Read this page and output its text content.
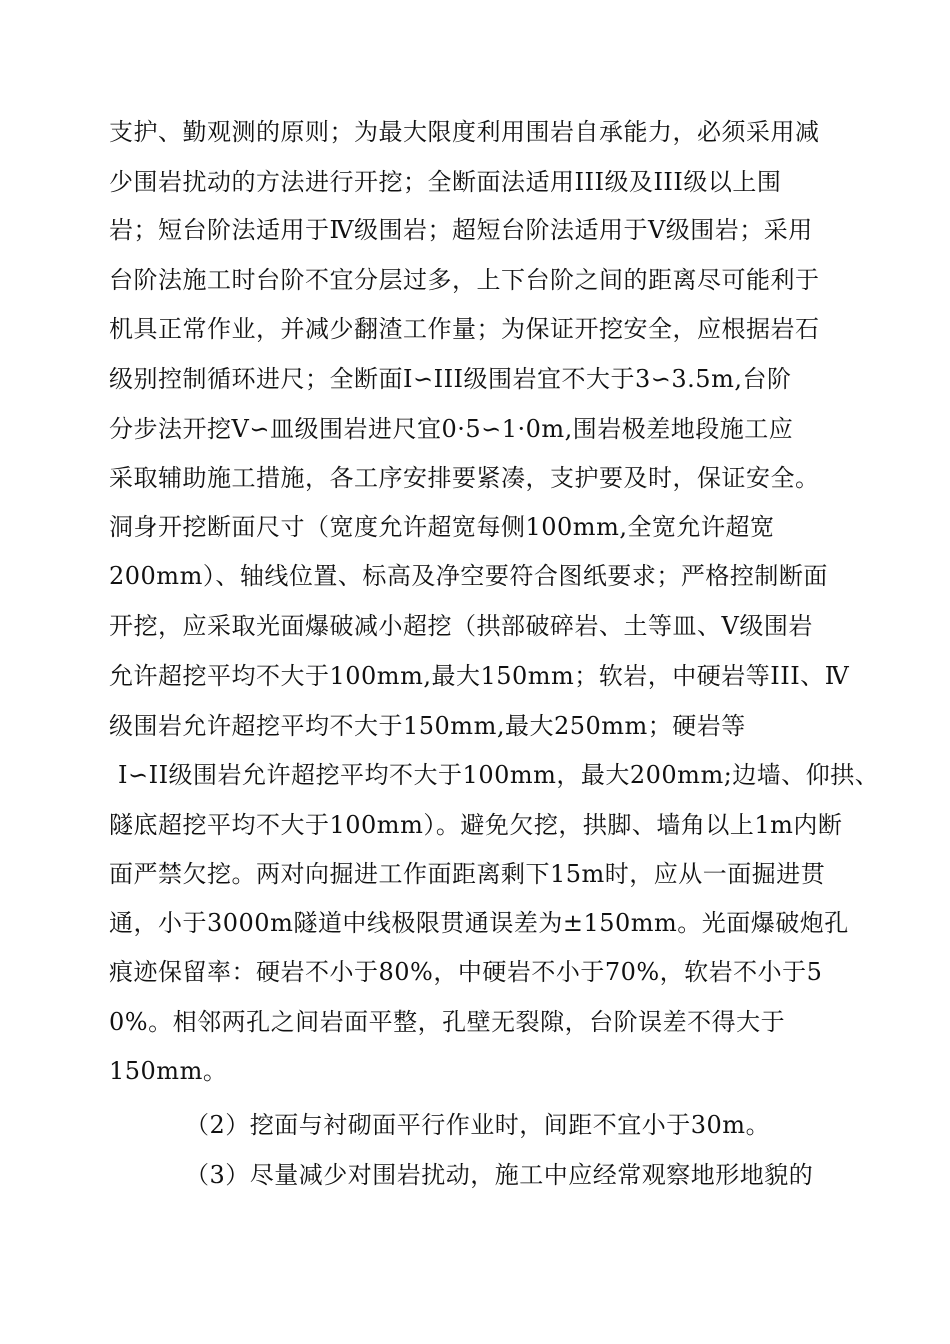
支护、勤观测的原则；为最大限度利用围岩自承能力，必须采用减
少围岩扰动的方法进行开挖；全断面法适用III级及III级以上围
岩；短台阶法适用于Ⅳ级围岩；超短台阶法适用于Ⅴ级围岩；采用
台阶法施工时台阶不宜分层过多，上下台阶之间的距离尽可能利于
机具正常作业，并减少翻渣工作量；为保证开挖安全，应根据岩石
级别控制循环进尺；全断面I∽III级围岩宜不大于3∽3.5m,台阶
分步法开挖Ⅴ∽皿级围岩进尺宜0·5∽1·0m,围岩极差地段施工应
采取辅助施工措施，各工序安排要紧凑，支护要及时，保证安全。
洞身开挖断面尺寸（宽度允许超宽每侧100mm,全宽允许超宽
200mm）、轴线位置、标高及净空要符合图纸要求；严格控制断面
开挖，应采取光面爆破减小超挖（拱部破碎岩、土等皿、Ⅴ级围岩
允许超挖平均不大于100mm,最大150mm；软岩，中硬岩等III、Ⅳ
级围岩允许超挖平均不大于150mm,最大250mm；硬岩等
I∽II级围岩允许超挖平均不大于100mm，最大200mm;边墙、仰拱、
隧底超挖平均不大于100mm）。避免欠挖，拱脚、墙角以上1m内断
面严禁欠挖。两对向掘进工作面距离剩下15m时，应从一面掘进贯
通，小于3000m隧道中线极限贯通误差为±150mm。光面爆破炮孔
痕迹保留率：硬岩不小于80%，中硬岩不小于70%，软岩不小于5
0%。相邻两孔之间岩面平整，孔壁无裂隙，台阶误差不得大于
150mm。
（2）挖面与衬砌面平行作业时，间距不宜小于30m。
（3）尽量减少对围岩扰动，施工中应经常观察地形地貌的
